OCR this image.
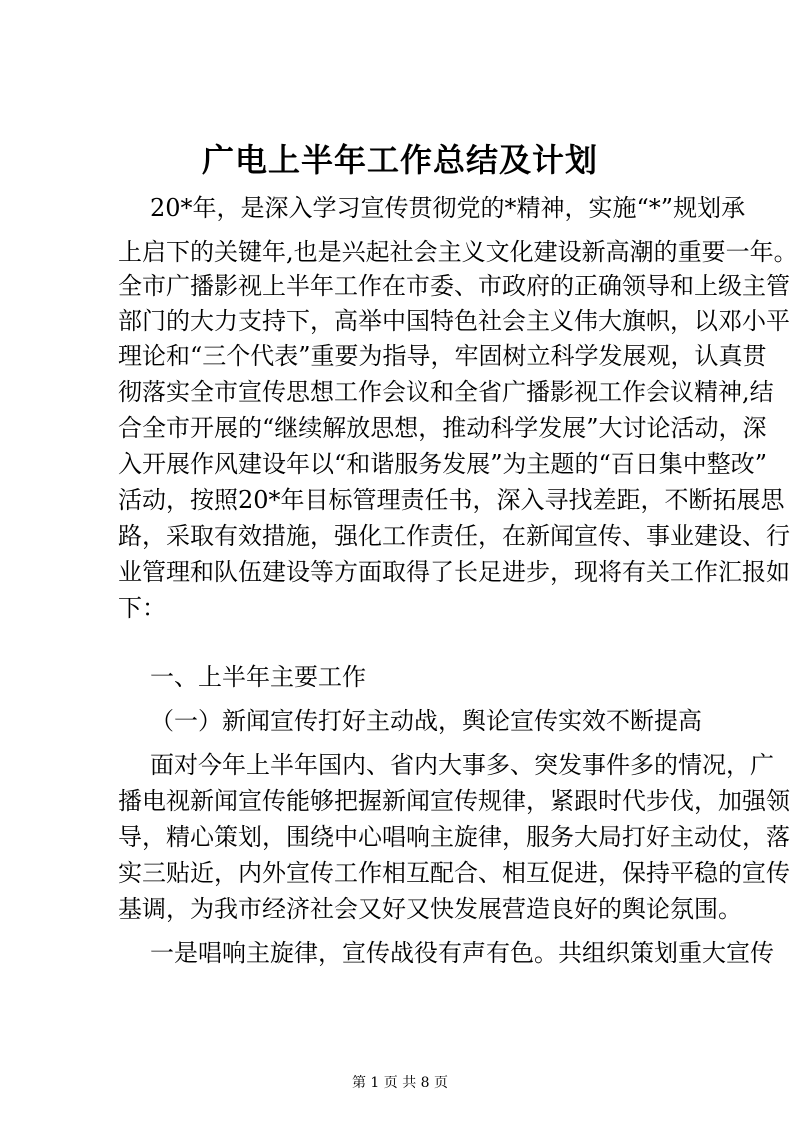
广电上半年工作总结及计划
20*年，是深入学习宣传贯彻党的*精神，实施“*”规划承
上启下的关键年,也是兴起社会主义文化建设新高潮的重要一年。
全市广播影视上半年工作在市委、市政府的正确领导和上级主管
部门的大力支持下，高举中国特色社会主义伟大旗帜，以邓小平
理论和“三个代表”重要为指导，牢固树立科学发展观，认真贯
彻落实全市宣传思想工作会议和全省广播影视工作会议精神,结
合全市开展的“继续解放思想，推动科学发展”大讨论活动，深
入开展作风建设年以“和谐服务发展”为主题的“百日集中整改”
活动，按照20*年目标管理责任书，深入寻找差距，不断拓展思
路，采取有效措施，强化工作责任，在新闻宣传、事业建设、行
业管理和队伍建设等方面取得了长足进步，现将有关工作汇报如
下：
一、上半年主要工作
（一）新闻宣传打好主动战，舆论宣传实效不断提高
面对今年上半年国内、省内大事多、突发事件多的情况，广
播电视新闻宣传能够把握新闻宣传规律，紧跟时代步伐，加强领
导，精心策划，围绕中心唱响主旋律，服务大局打好主动仗，落
实三贴近，内外宣传工作相互配合、相互促进，保持平稳的宣传
基调，为我市经济社会又好又快发展营造良好的舆论氛围。
一是唱响主旋律，宣传战役有声有色。共组织策划重大宣传
第 1 页 共 8 页
